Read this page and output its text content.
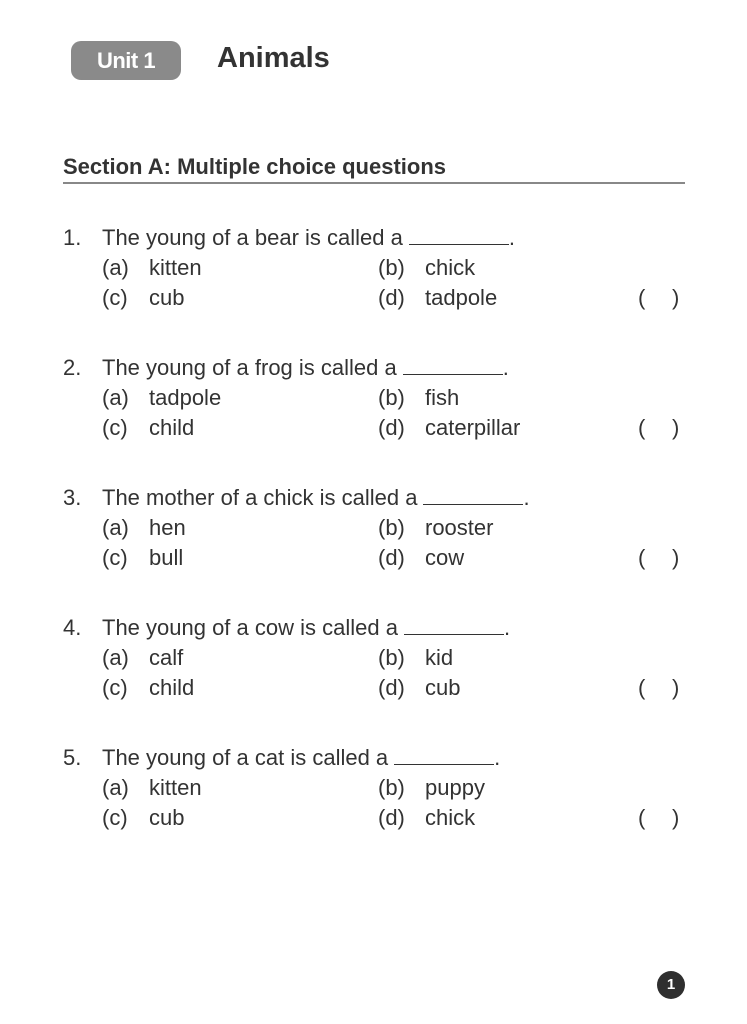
Unit 1	Animals
Section A: Multiple choice questions
1
1. The young of a bear is called a	.
(a) kitten	(b) chick
(c) cub	(d) tadpole	( )
2. The young of a frog is called a	.
(a) tadpole	(b) fish
(c) child	(d) caterpillar	( )
3. The mother of a chick is called a	.
(a) hen	(b) rooster
(c) bull	(d) cow	( )
4. The young of a cow is called a	.
(a) calf	(b) kid
(c) child	(d) cub	( )
5. The young of a cat is called a	.
(a) kitten	(b) puppy
(c) cub	(d) chick	( )
